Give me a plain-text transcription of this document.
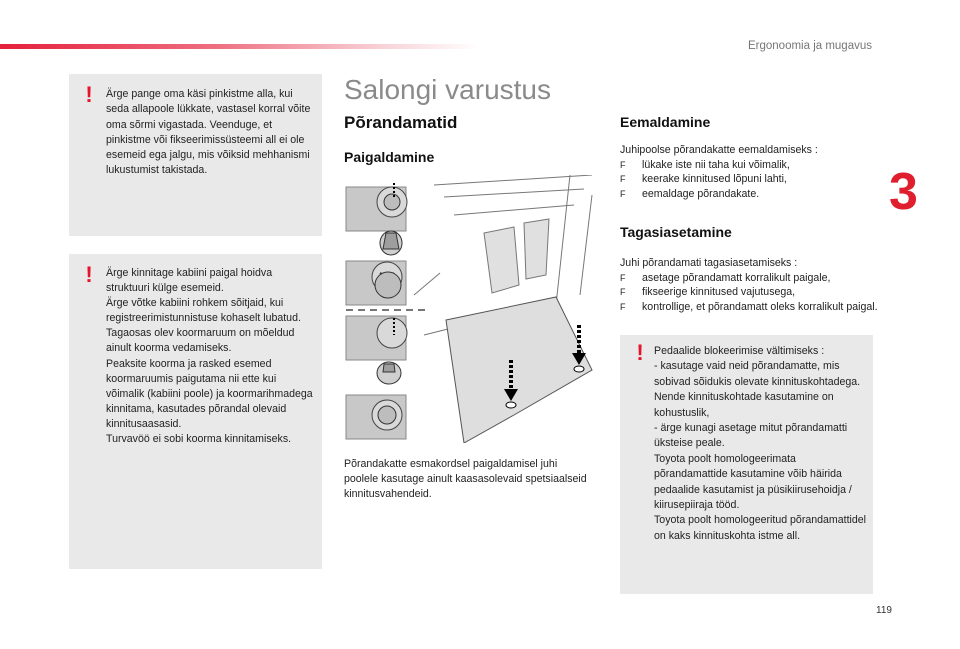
Ergonoomia ja mugavus
3
119
! Ärge pange oma käsi pinkistme alla, kui seda allapoole lükkate, vastasel korral võite oma sõrmi vigastada. Veenduge, et pinkistme või fikseerimissüsteemi all ei ole esemeid ega jalgu, mis võiksid mehhanismi lukustumist takistada.
! Ärge kinnitage kabiini paigal hoidva struktuuri külge esemeid.
Ärge võtke kabiini rohkem sõitjaid, kui registreerimistunnistuse kohaselt lubatud.
Tagaosas olev koormaruum on mõeldud ainult koorma vedamiseks.
Peaksite koorma ja rasked esemed koormaruumis paigutama nii ette kui võimalik (kabiini poole) ja koormarihmadega kinnitama, kasutades põrandal olevaid kinnitusaasasid.
Turvavöö ei sobi koorma kinnitamiseks.
Salongi varustus
Põrandamatid
Paigaldamine
Põrandakatte esmakordsel paigaldamisel juhi poolele kasutage ainult kaasasolevaid spetsiaalseid kinnitusvahendeid.
Eemaldamine
Juhipoolse põrandakatte eemaldamiseks :
F lükake iste nii taha kui võimalik,
F keerake kinnitused lõpuni lahti,
F eemaldage põrandakate.
Tagasiasetamine
Juhi põrandamati tagasiasetamiseks :
F asetage põrandamatt korralikult paigale,
F fikseerige kinnitused vajutusega,
F kontrollige, et põrandamatt oleks korralikult paigal.
! Pedaalide blokeerimise vältimiseks :
- kasutage vaid neid põrandamatte, mis sobivad sõidukis olevate kinnituskohtadega. Nende kinnituskohtade kasutamine on kohustuslik,
- ärge kunagi asetage mitut põrandamatti üksteise peale.
Toyota poolt homologeerimata põrandamattide kasutamine võib häirida pedaalide kasutamist ja püsikiirusehoidja / kiirusepiiraja tööd.
Toyota poolt homologeeritud põrandamattidel on kaks kinnituskohta istme all.
